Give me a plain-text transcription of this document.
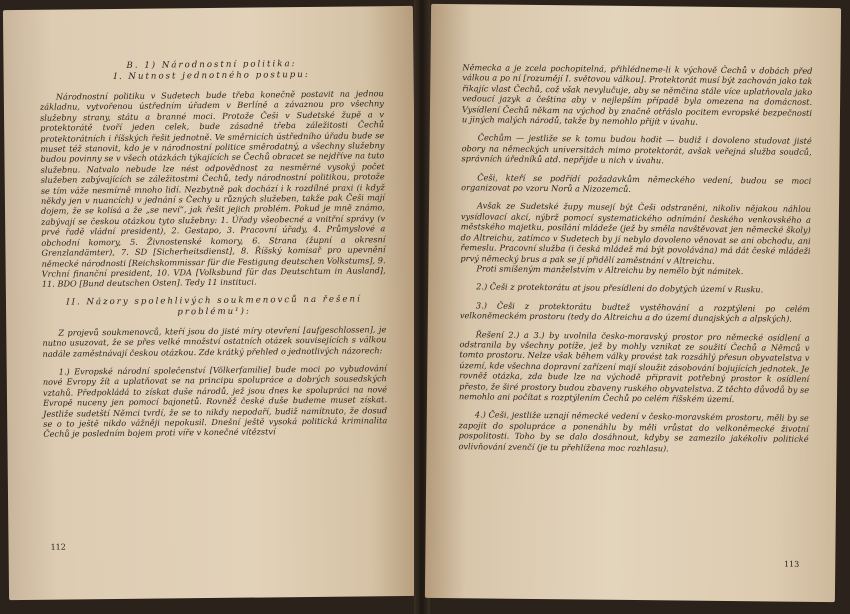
B. 1) Národnostní politika:

I. Nutnost jednotného postupu:

Národnostní politiku v Sudetech bude třeba konečně postavit na jednou základnu, vytvořenou ústředním úřadem v Berlíně a závaznou pro všechny služebny strany, státu a branné moci. Protože Češi v Sudetské župě a v protektorátě tvoří jeden celek, bude zásadně třeba záležitosti Čechů protektorátních i říšských řešit jednotně. Ve směrnicích ústředního úřadu bude se muset též stanovit, kdo je v národnostní politice směrodatný, a všechny služebny budou povinny se v všech otázkách týkajících se Čechů obracet se nejdříve na tuto služebnu. Natvalo nebude lze nést odpovědnost za nesměrné vysoký počet služeben zabývajících se záležitostmi Čechů, tedy národnostní politikou, protože se tím váže nesmírně mnoho lidí. Nezbytně pak dochází i k rozdílné praxi (i když někdy jen v nuancích) v jednání s Čechy u různých služeben, takže pak Češi mají dojem, že se kolísá a že „se neví“, jak řešit jejich problém. Pokud je mně známo, zabývají se českou otázkou tyto služebny: 1. Úřady všeobecné a vnitřní správy (v prvé řadě vládní president), 2. Gestapo, 3. Pracovní úřady, 4. Průmyslové a obchodní komory, 5. Živnostenské komory, 6. Strana (župní a okresní Grenzlandämter), 7. SD [Sicherheitsdienst], 8. Říšský komisař pro upevnění německé národnosti [Reichskommissar für die Festigung deutschen Volkstums], 9. Vrchní finanční president, 10. VDA [Volksbund für das Deutschtum in Ausland], 11. BDO [Bund deutschen Osten]. Tedy 11 instituci.

II. Názory spolehlivých soukmenovců na řešení

problému¹):

Z projevů soukmenovců, kteří jsou do jisté míry otevření [aufgeschlossen], je nutno usuzovat, že se přes velké množství ostatních otázek souvisejících s válkou nadále zaměstnávají českou otázkou. Zde krátký přehled o jednotlivých názorech:

1.) Evropské národní společenství [Völkerfamilie] bude moci po vybudování nové Evropy žít a uplatňovat se na principu spolupráce a dobrých sousedských vztahů. Předpokládá to získat duše národů, jež jsou dnes ke spolupráci na nové Evropě nuceny jen pomocí bajonetů. Rovněž české duše budeme muset získat. Jestliže sudetští Němci tvrdí, že se to nikdy nepodaří, budiž namítnuto, že dosud se o to ještě nikdo vážněji nepokusil. Dnešní ještě vysoká politická kriminalita Čechů je posledním bojem proti víře v konečné vítězství

112

Německa a je zcela pochopitelná, přihlédneme-li k výchově Čechů v dobách před válkou a po ní [rozumějí I. světovou válkou]. Protektorát musí být zachován jako tak řikajíc vlast Čechů, což však nevylučuje, aby se němčina stále více uplatňovala jako vedoucí jazyk a čeština aby v nejlepším případě byla omezena na domácnost. Vysídlení Čechů někam na východ by značně otřáslo pocitem evropské bezpečnosti u jiných malých národů, takže by nemohlo přijít v úvahu.

Čechům — jestliže se k tomu budou hodit — budiž i dovoleno studovat jisté obory na německých universitách mimo protektorát, avšak veřejná služba soudců, správních úředníků atd. nepřijde u nich v úvahu.

Češi, kteří se podřídí požadavkům německého vedení, budou se moci organizovat po vzoru Norů a Nizozemců.

Avšak ze Sudetské župy musejí být Češi odstraněni, nikoliv nějakou náhlou vysídlovací akcí, nýbrž pomocí systematického odnímání českého venkovského a městského majetku, posílání mládeže (jež by směla navštěvovat jen německé školy) do Altreichu, zatímco v Sudetech by jí nebylo dovoleno věnovat se ani obchodu, ani řemeslu. Pracovní služba (i česká mládež má být povolávána) má dát české mládeži prvý německý brus a pak se jí přidělí zaměstnání v Altreichu.

Proti smíšeným manželstvím v Altreichu by nemělo být námitek.

2.) Češi z protektorátu at jsou přesídleni do dobytých území v Rusku.

3.) Češi z protektorátu budtež vystěhování a rozptýleni po celém velkoněmeckém prostoru (tedy do Altreichu a do území dunajských a alpských).

Řešení 2.) a 3.) by uvolnila česko-moravský prostor pro německé osídlení a odstranila by všechny potíže, jež by mohly vznikat ze soužití Čechů a Němců v tomto prostoru. Nelze však během války provést tak rozsáhlý přesun obyvatelstva v území, kde všechna dopravní zařízení mají sloužit zásobování bojujících jednotek. Je rovněž otázka, zda bude lze na východě připravit potřebný prostor k osídlení přesto, že širé prostory budou zbaveny ruského obyvatelstva. Z těchto důvodů by se nemohlo ani počítat s rozptýlením Čechů po celém říšském území.

4.) Češi, jestliže uznají německé vedení v česko-moravském prostoru, měli by se zapojit do spolupráce a ponenáhlu by měli vrůstat do velkoněmecké životní pospolitosti. Toho by se dalo dosáhnout, kdyby se zamezilo jakékoliv politické ovlivňování zvenčí (je tu přehlížena moc rozhlasu).

113
